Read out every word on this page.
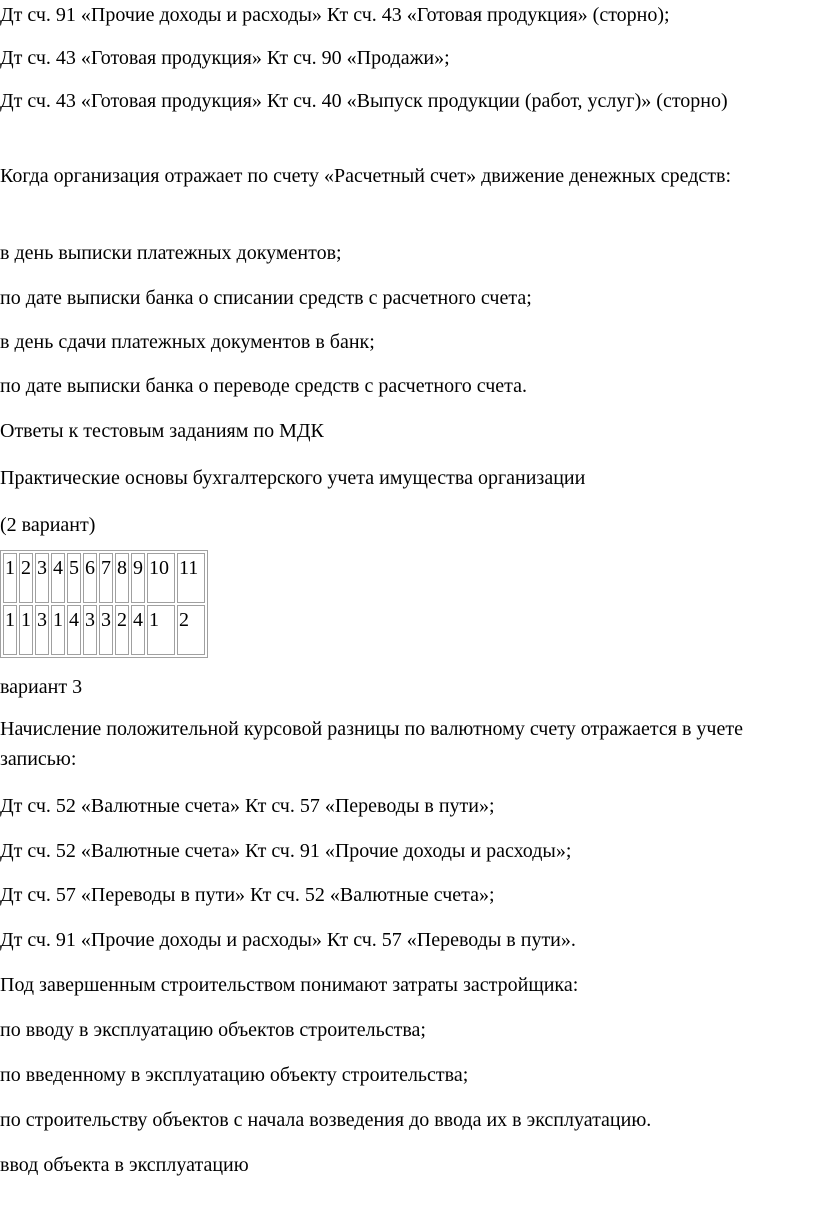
Дт сч. 91 «Прочие доходы и расходы» Кт сч. 43 «Готовая продукция» (сторно);

Дт сч. 43 «Готовая продукция» Кт сч. 90 «Продажи»;

Дт сч. 43 «Готовая продукция» Кт сч. 40 «Выпуск продукции (работ, услуг)» (сторно)

Когда организация отражает по счету «Расчетный счет» движение денежных средств:

в день выписки платежных документов;

по дате выписки банка о списании средств с расчетного счета;

в день сдачи платежных документов в банк;

по дате выписки банка о переводе средств с расчетного счета.

Ответы к тестовым заданиям по МДК

Практические основы бухгалтерского учета имущества организации

(2 вариант)

1	2	3	4	5	6	7	8	9	10	11
1	1	3	1	4	3	3	2	4	1	2

вариант 3

Начисление положительной курсовой разницы по валютному счету отражается в учете записью:

Дт сч. 52 «Валютные счета» Кт сч. 57 «Переводы в пути»;

Дт сч. 52 «Валютные счета» Кт сч. 91 «Прочие доходы и расходы»;

Дт сч. 57 «Переводы в пути» Кт сч. 52 «Валютные счета»;

Дт сч. 91 «Прочие доходы и расходы» Кт сч. 57 «Переводы в пути».

Под завершенным строительством понимают затраты застройщика:

по вводу в эксплуатацию объектов строительства;

по введенному в эксплуатацию объекту строительства;

по строительству объектов с начала возведения до ввода их в эксплуатацию.

ввод объекта в эксплуатацию
